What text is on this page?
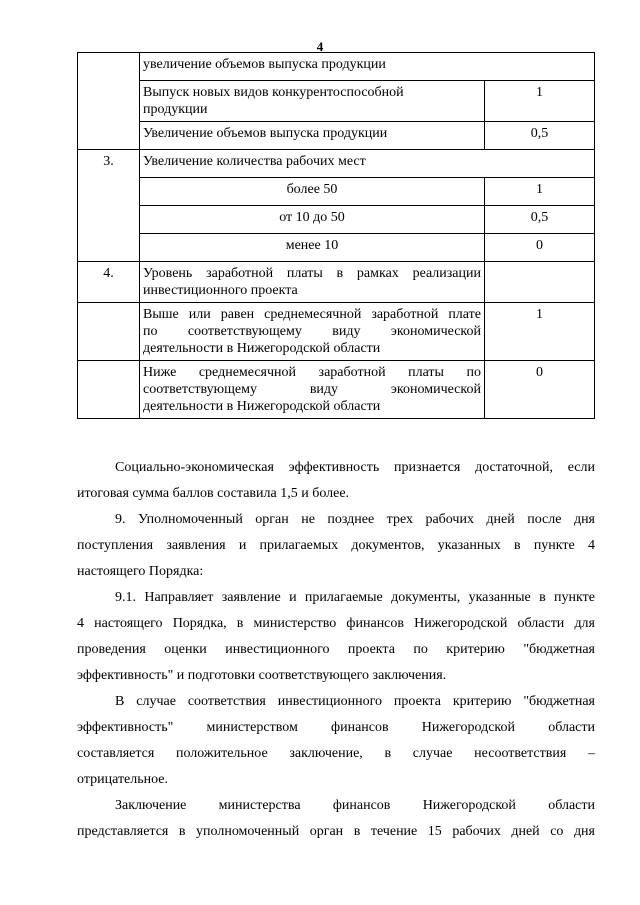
4
	увеличение объемов выпуска продукции	
	Выпуск новых видов конкурентоспособной
продукции	1
	Увеличение объемов выпуска продукции	0,5
3.	Увеличение количества рабочих мест	
	более 50	1
	от 10 до 50	0,5
	менее 10	0
4.	Уровень заработной платы в рамках реализации

инвестиционного проекта	

	Выше или равен среднемесячной заработной плате
по соответствующему виду экономической

деятельности в Нижегородской области	1
	Ниже среднемесячной заработной платы по
соответствующему виду экономической

деятельности в Нижегородской области	0
Социально-экономическая эффективность признается достаточной, если
итоговая сумма баллов составила 1,5 и более.
9. Уполномоченный орган не позднее трех рабочих дней после дня
поступления заявления и прилагаемых документов, указанных в пункте 4
настоящего Порядка:
9.1. Направляет заявление и прилагаемые документы, указанные в пункте
4 настоящего Порядка, в министерство финансов Нижегородской области для
проведения оценки инвестиционного проекта по критерию "бюджетная
эффективность" и подготовки соответствующего заключения.
В случае соответствия инвестиционного проекта критерию "бюджетная
эффективность" министерством финансов Нижегородской области
составляется положительное заключение, в случае несоответствия –
отрицательное.
Заключение министерства финансов Нижегородской области
представляется в уполномоченный орган в течение 15 рабочих дней со дня
